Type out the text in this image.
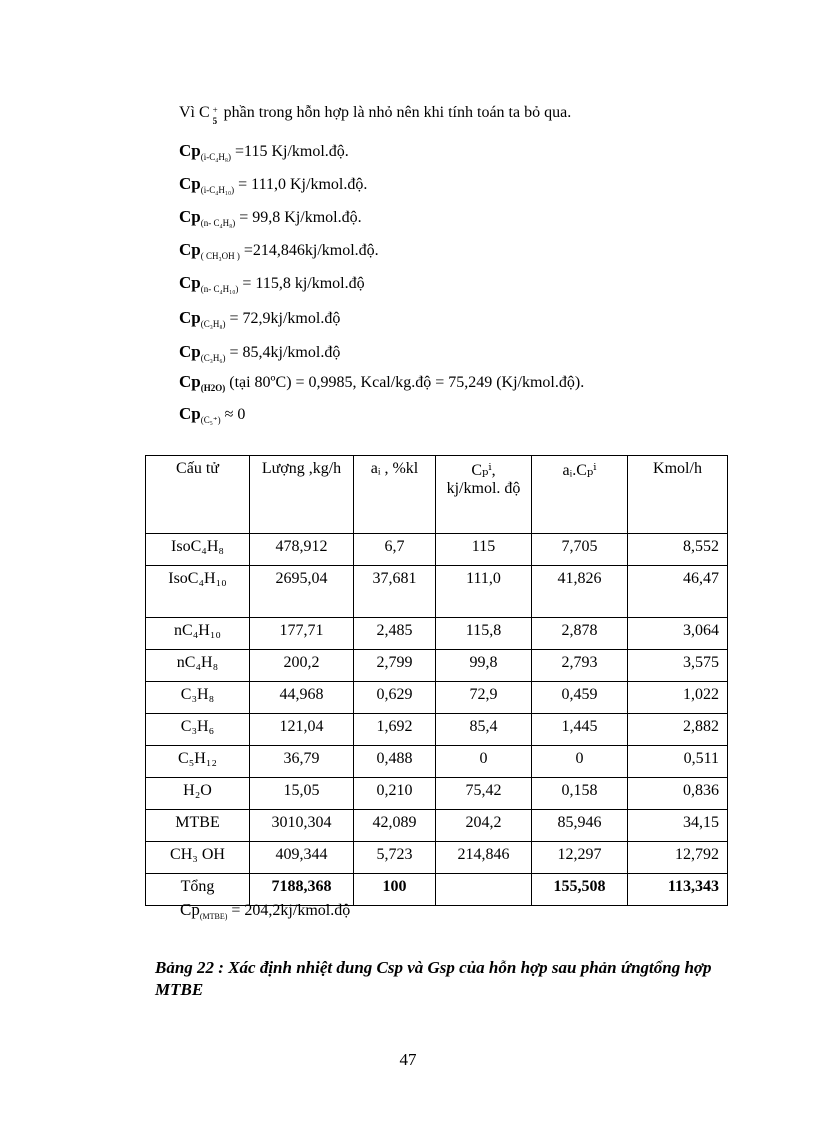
Vì C +
5 phần trong hỗn hợp là nhỏ nên khi tính toán ta bỏ qua.
$Cp_{(i-C_4H_8)} =115$ Kj/kmol.độ.
$Cp_{(i-C_4H_{10})} = 111,0$ Kj/kmol.độ.
$Cp_{(n- C_4H_8)} = 99,8$ Kj/kmol.độ.
$Cp_{( CH_3OH )}$ =214,846kj/kmol.độ.
$Cp_{(n- C_4H_{10})} = 115,8$ kj/kmol.độ
$Cp_{(C_3H_8)}$ = 72,9kj/kmol.độ
$Cp_{(C_3H_6)}$ = 85,4kj/kmol.độ
$Cp_{(H2O)}$ (tại 80ºC) = 0,9985, Kcal/kg.độ = 75,249 (Kj/kmol.độ).
$Cp_{(C_5^+)} \approx 0$
Cấu tử	Lượng ,kg/h	aᵢ , %kl	Cₚⁱ, kj/kmol. độ	aᵢ.Cₚⁱ	Kmol/h
IsoC₄H₈	478,912	6,7	115	7,705	8,552
IsoC₄H₁₀	2695,04	37,681	111,0	41,826	46,47
nC₄H₁₀	177,71	2,485	115,8	2,878	3,064
nC₄H₈	200,2	2,799	99,8	2,793	3,575
C₃H₈	44,968	0,629	72,9	0,459	1,022
C₃H₆	121,04	1,692	85,4	1,445	2,882
C₅H₁₂	36,79	0,488	0	0	0,511
H₂O	15,05	0,210	75,42	0,158	0,836
MTBE	3010,304	42,089	204,2	85,946	34,15
CH₃ OH	409,344	5,723	214,846	12,297	12,792
Tổng	7188,368	100		155,508	113,343
$Cp_{(MTBE)}$ = 204,2kj/kmol.độ
Bảng 22 : Xác định nhiệt dung Csp và Gsp của hỗn hợp sau phản ứngtổng hợp MTBE
47
